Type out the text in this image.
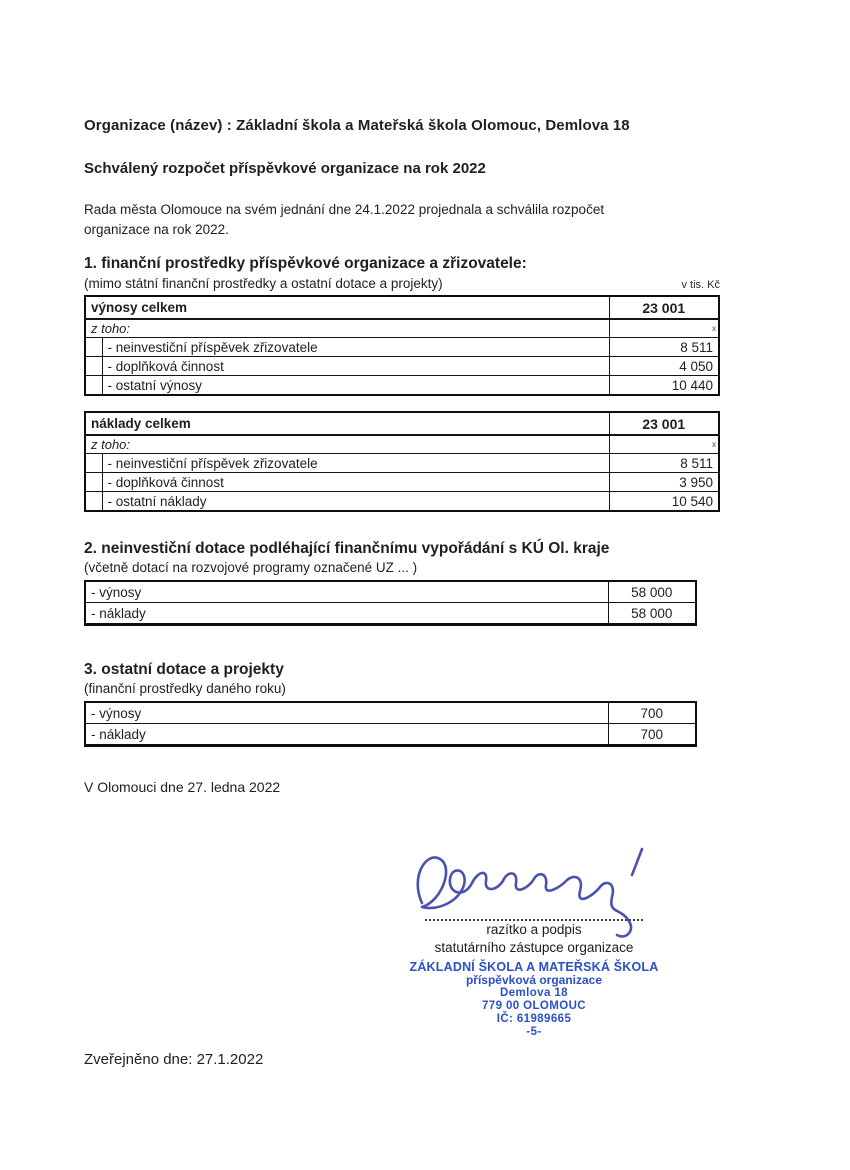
Organizace (název) : Základní škola a Mateřská škola Olomouc, Demlova 18
Schválený rozpočet příspěvkové organizace na rok 2022

Rada města Olomouce na svém jednání dne 24.1.2022 projednala a schválila rozpočet
organizace na rok 2022.

1. finanční prostředky příspěvkové organizace a zřizovatele:
(mimo státní finanční prostředky a ostatní dotace a projekty)	v tis. Kč
výnosy celkem		23 001
z toho:		x
	- neinvestiční příspěvek zřizovatele	8 511
	- doplňková činnost	4 050
	- ostatní výnosy	10 440
náklady celkem		23 001
z toho:		x
	- neinvestiční příspěvek zřizovatele	8 511
	- doplňková činnost	3 950
	- ostatní náklady	10 540
2. neinvestiční dotace podléhající finančnímu vypořádání s KÚ Ol. kraje
(včetně dotací na rozvojové programy označené UZ ... )
- výnosy	58 000
- náklady	58 000
3. ostatní dotace a projekty
(finanční prostředky daného roku)
- výnosy	700
- náklady	700
V Olomouci dne 27. ledna 2022
razítko a podpis
statutárního zástupce organizace
ZÁKLADNÍ ŠKOLA A MATEŘSKÁ ŠKOLA
příspěvková organizace
Demlova 18
779 00 OLOMOUC
IČ: 61989665
-5-
Zveřejněno dne: 27.1.2022
